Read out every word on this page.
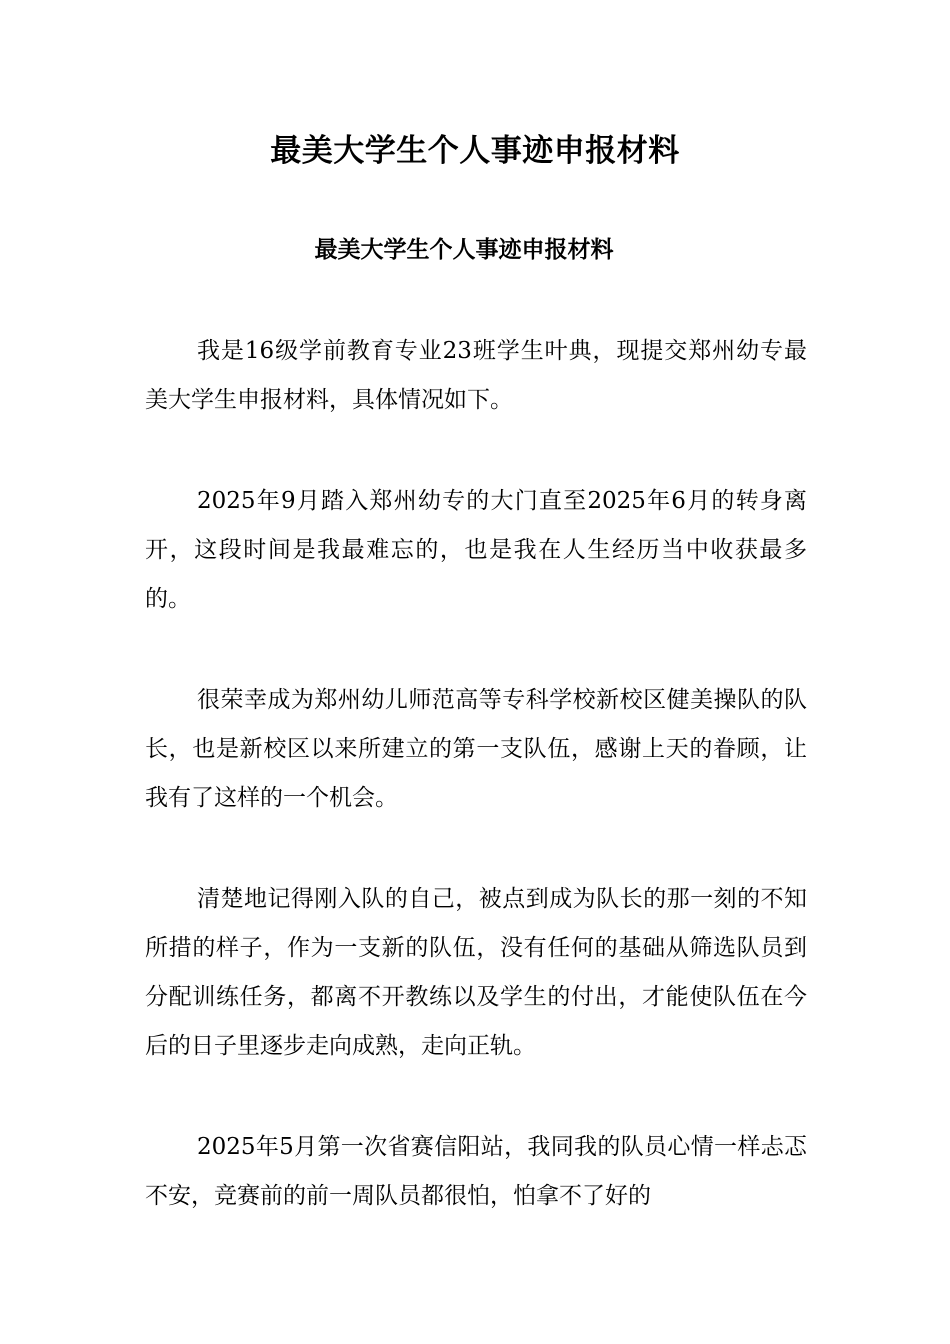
最美大学生个人事迹申报材料
最美大学生个人事迹申报材料

我是16级学前教育专业23班学生叶典，现提交郑州幼专最美大学生申报材料，具体情况如下。

2025年9月踏入郑州幼专的大门直至2025年6月的转身离开，这段时间是我最难忘的，也是我在人生经历当中收获最多的。

很荣幸成为郑州幼儿师范高等专科学校新校区健美操队的队长，也是新校区以来所建立的第一支队伍，感谢上天的眷顾，让我有了这样的一个机会。

清楚地记得刚入队的自己，被点到成为队长的那一刻的不知所措的样子，作为一支新的队伍，没有任何的基础从筛选队员到分配训练任务，都离不开教练以及学生的付出，才能使队伍在今后的日子里逐步走向成熟，走向正轨。

2025年5月第一次省赛信阳站，我同我的队员心情一样忐忑不安，竞赛前的前一周队员都很怕，怕拿不了好的
